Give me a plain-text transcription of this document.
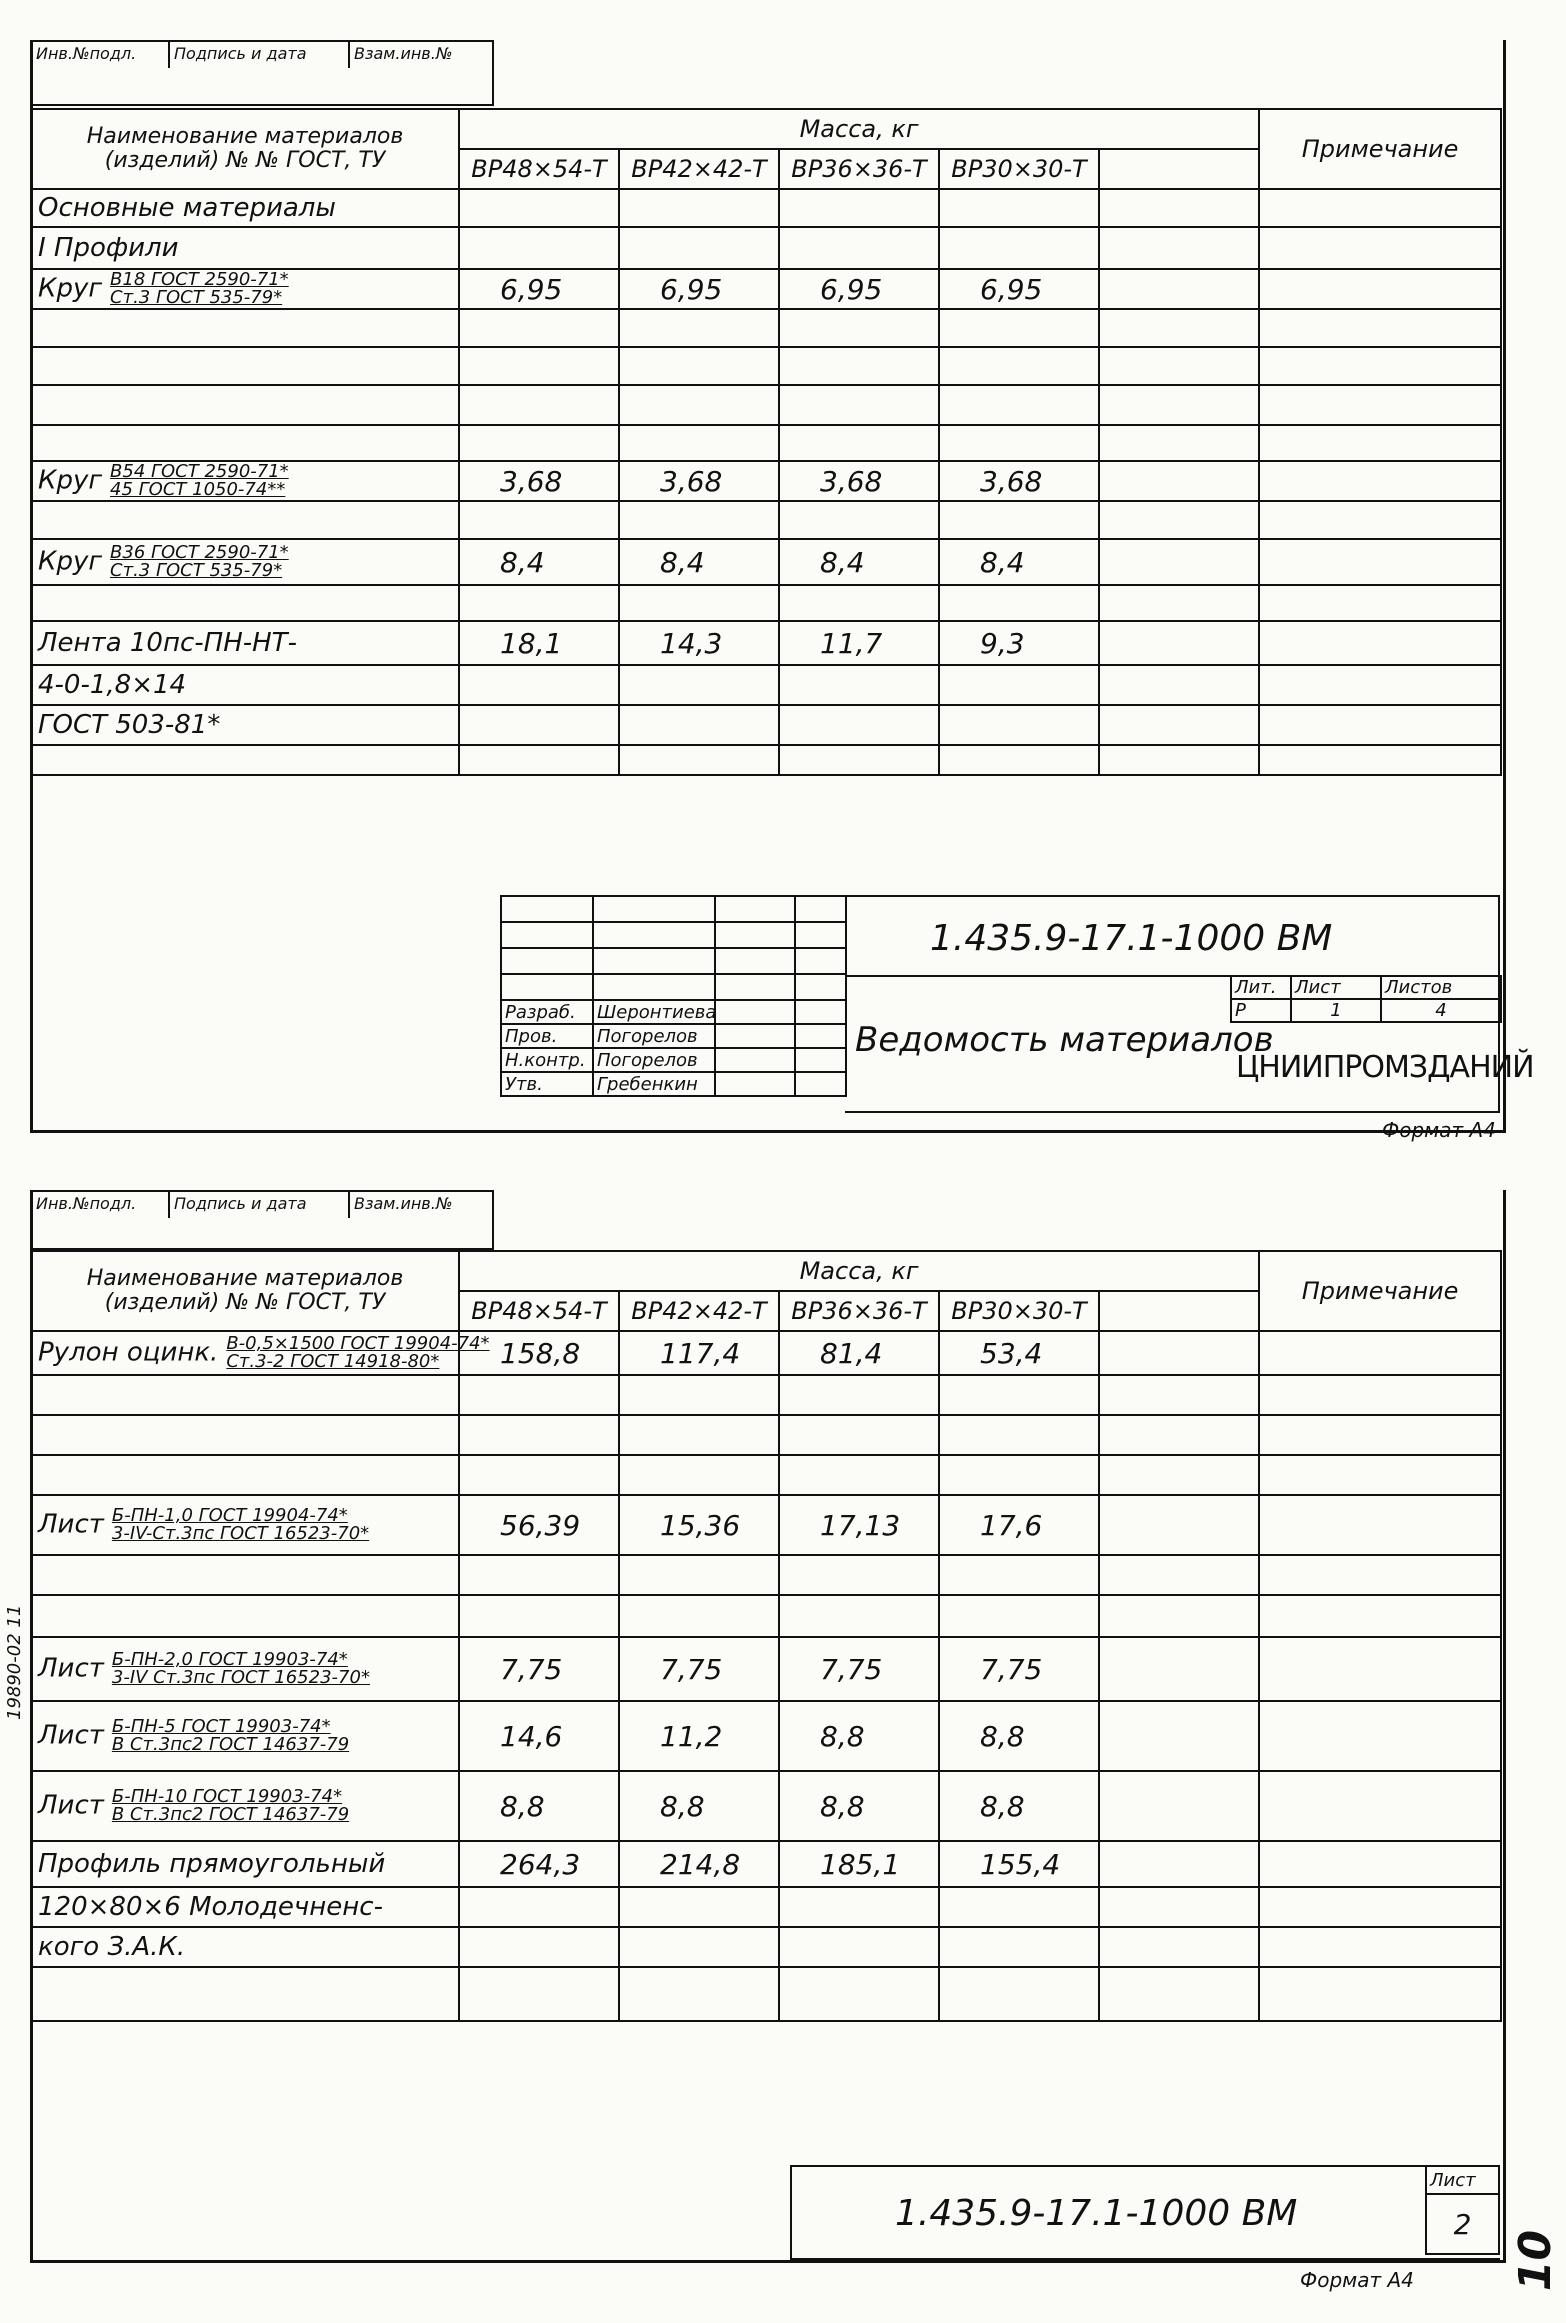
Инв.№подл.	Подпись и дата	Взам.инв.№
Наименование материалов (изделий) № № ГОСТ, ТУ	Масса, кг					Примечание
	ВР48×54-Т	ВР42×42-Т	ВР36×36-Т	ВР30×30-Т		
Основные материалы						
I Профили						
Круг В18 ГОСТ 2590-71*
Ст.3 ГОСТ 535-79*	6,95	6,95	6,95	6,95		

Круг В54 ГОСТ 2590-71*
45 ГОСТ 1050-74**	3,68	3,68	3,68	3,68		

Круг В36 ГОСТ 2590-71*
Ст.3 ГОСТ 535-79*	8,4	8,4	8,4	8,4		

Лента 10пс-ПН-НТ-	18,1	14,3	11,7	9,3		
4-0-1,8×14						
ГОСТ 503-81*						

Разраб.	Шеронтиева		
Пров.	Погорелов		
Н.контр.	Погорелов		
Утв.	Гребенкин		
1.435.9-17.1-1000 ВМ
Ведомость материалов
Лит.	Лист	Листов
Р	1	4
ЦНИИПРОМЗДАНИЙ
Формат А4
Инв.№подл.	Подпись и дата	Взам.инв.№
Наименование материалов (изделий) № № ГОСТ, ТУ	Масса, кг					Примечание
	ВР48×54-Т	ВР42×42-Т	ВР36×36-Т	ВР30×30-Т		
Рулон оцинк. В-0,5×1500 ГОСТ 19904-74*
Ст.3-2 ГОСТ 14918-80*	158,8	117,4	81,4	53,4		

Лист Б-ПН-1,0 ГОСТ 19904-74*
3-IV-Ст.3пс ГОСТ 16523-70*	56,39	15,36	17,13	17,6		

Лист Б-ПН-2,0 ГОСТ 19903-74*
3-IV Ст.3пс ГОСТ 16523-70*	7,75	7,75	7,75	7,75		
Лист Б-ПН-5 ГОСТ 19903-74*
В Ст.3пс2 ГОСТ 14637-79	14,6	11,2	8,8	8,8		
Лист Б-ПН-10 ГОСТ 19903-74*
В Ст.3пс2 ГОСТ 14637-79	8,8	8,8	8,8	8,8		
Профиль прямоугольный	264,3	214,8	185,1	155,4		
120×80×6 Молодечненс-						
кого З.А.К.						

1.435.9-17.1-1000 ВМ
Лист
2
Формат А4
19890-02 11
10
